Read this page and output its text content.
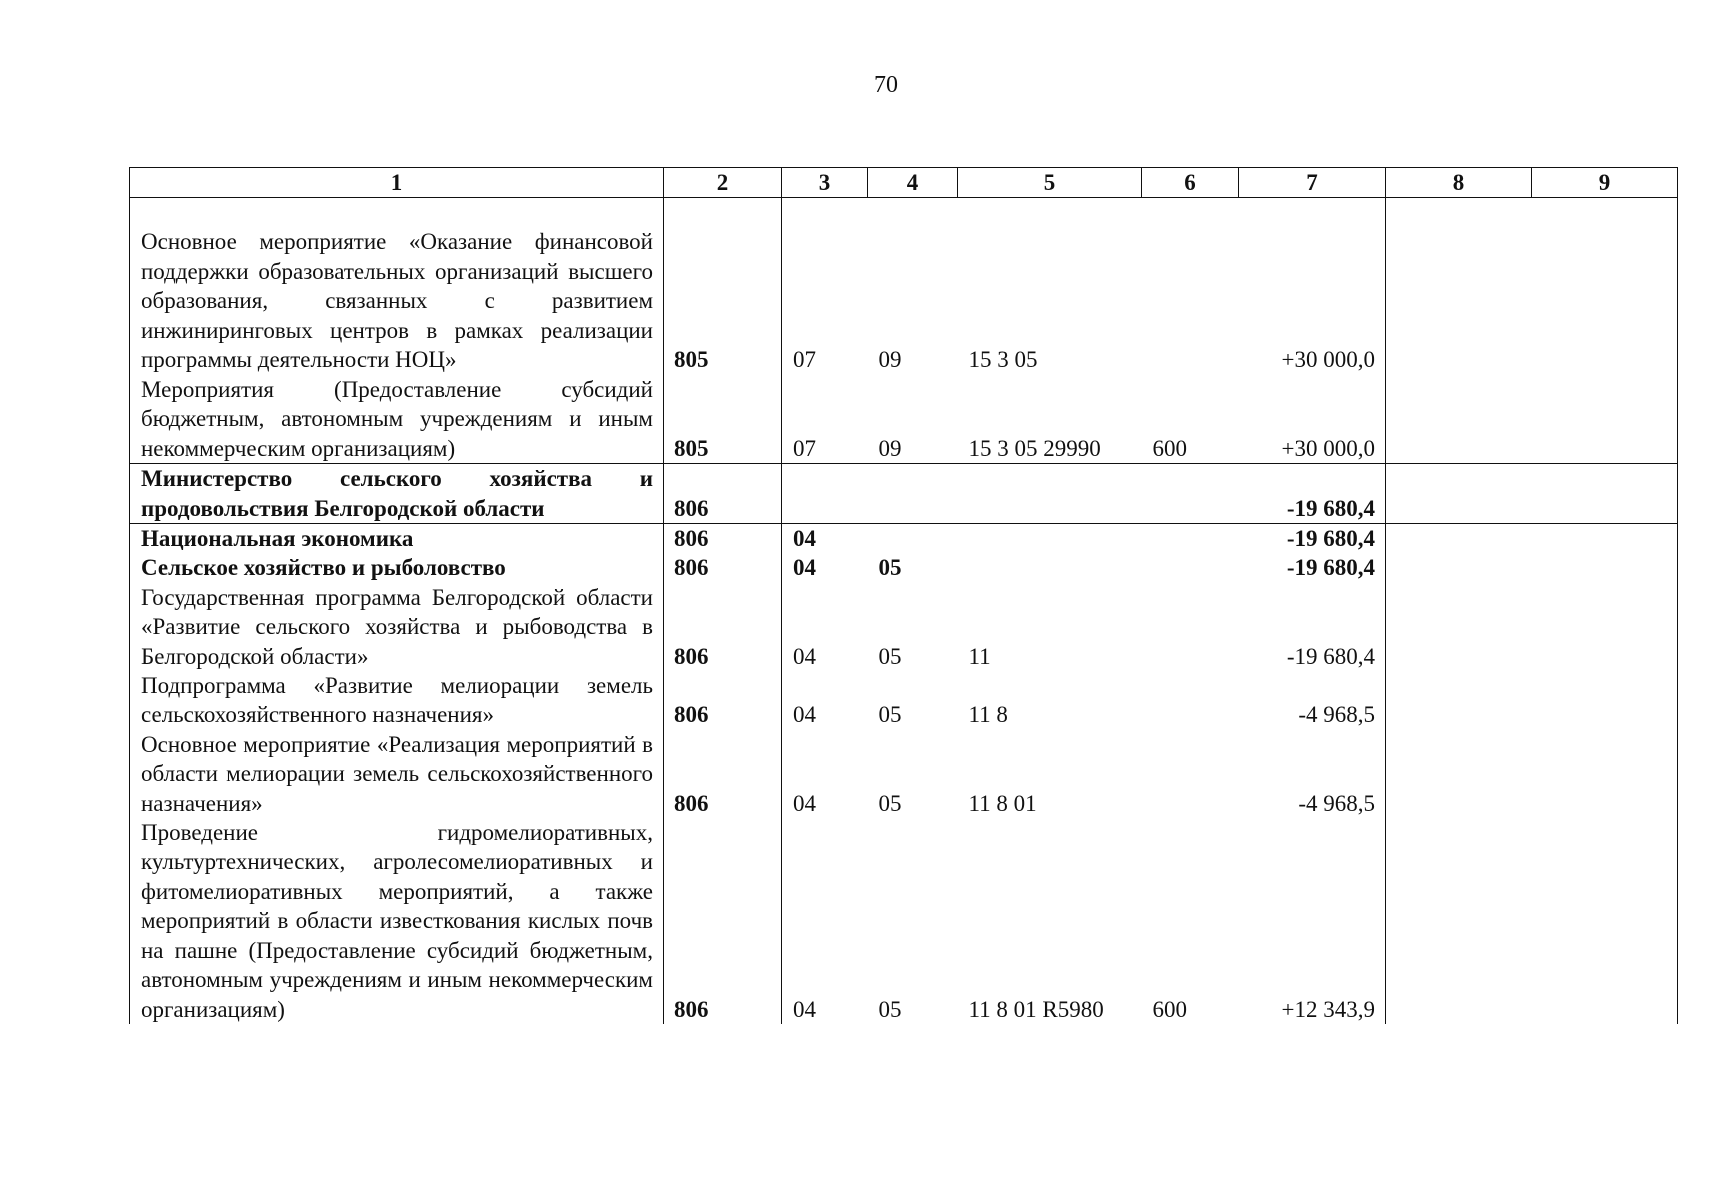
70
1	2	3	4	5	6	7	8	9
Основное мероприятие «Оказание финансовой поддержки образовательных организаций высшего образования, связанных с развитием инжиниринговых центров в рамках реализации программы деятельности НОЦ»	805	07	09	15 3 05		+30 000,0		
Мероприятия (Предоставление субсидий бюджетным, автономным учреждениям и иным некоммерческим организациям)	805	07	09	15 3 05 29990	600	+30 000,0		
Министерство сельского хозяйства и продовольствия Белгородской области	806					-19 680,4		
Национальная экономика	806	04				-19 680,4		
Сельское хозяйство и рыболовство	806	04	05			-19 680,4		
Государственная программа Белгородской области «Развитие сельского хозяйства и рыбоводства в Белгородской области»	806	04	05	11		-19 680,4		
Подпрограмма «Развитие мелиорации земель сельскохозяйственного назначения»	806	04	05	11 8		-4 968,5		
Основное мероприятие «Реализация мероприятий в области мелиорации земель сельскохозяйственного назначения»	806	04	05	11 8 01		-4 968,5		
Проведение гидромелиоративных, культуртехнических, агролесомелиоративных и фитомелиоративных мероприятий, а также мероприятий в области известкования кислых почв на пашне (Предоставление субсидий бюджетным, автономным учреждениям и иным некоммерческим организациям)	806	04	05	11 8 01 R5980	600	+12 343,9		
